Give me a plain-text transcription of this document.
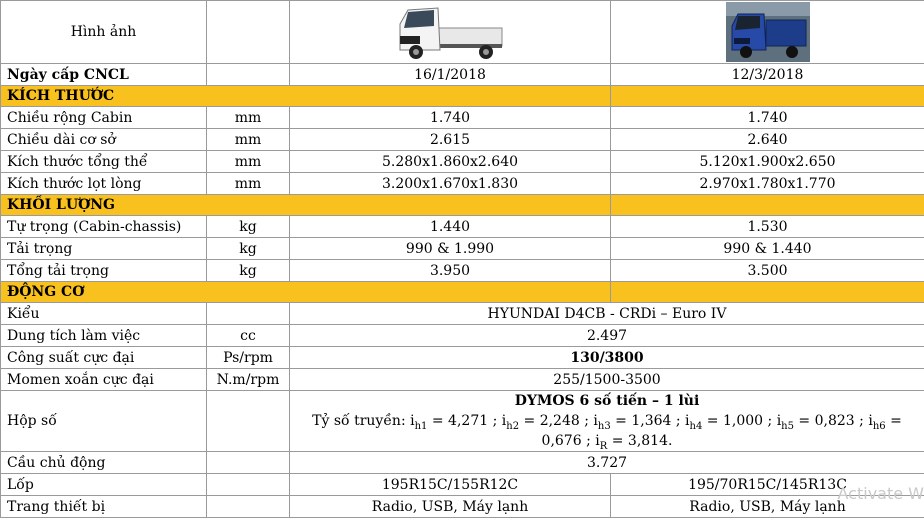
Hình ảnh			
Ngày cấp CNCL		16/1/2018	12/3/2018
KÍCH THƯỚC			
Chiều rộng Cabin	mm	1.740	1.740
Chiều dài cơ sở	mm	2.615	2.640
Kích thước tổng thể	mm	5.280x1.860x2.640	5.120x1.900x2.650
Kích thước lọt lòng	mm	3.200x1.670x1.830	2.970x1.780x1.770
KHỐI LƯỢNG			
Tự trọng (Cabin-chassis)	kg	1.440	1.530
Tải trọng	kg	990 & 1.990	990 & 1.440
Tổng tải trọng	kg	3.950	3.500
ĐỘNG CƠ			
Kiểu		HYUNDAI D4CB - CRDi – Euro IV	
Dung tích làm việc	cc	2.497	
Công suất cực đại	Ps/rpm	130/3800	
Momen xoắn cực đại	N.m/rpm	255/1500-3500	
Hộp số		DYMOS 6 số tiến – 1 lùi
Tỷ số truyền: $i_{h1} = 4,271$ ; $i_{h2} = 2,248$ ; $i_{h3} = 1,364$ ; $i_{h4} = 1,000$ ; $i_{h5} = 0,823$ ; $i_{h6} = 0,676$ ; $i_R = 3,814$.	

Cầu chủ động		3.727	
Lốp		195R15C/155R12C	195/70R15C/145R13C
Trang thiết bị		Radio, USB, Máy lạnh	Radio, USB, Máy lạnh
Activate W
